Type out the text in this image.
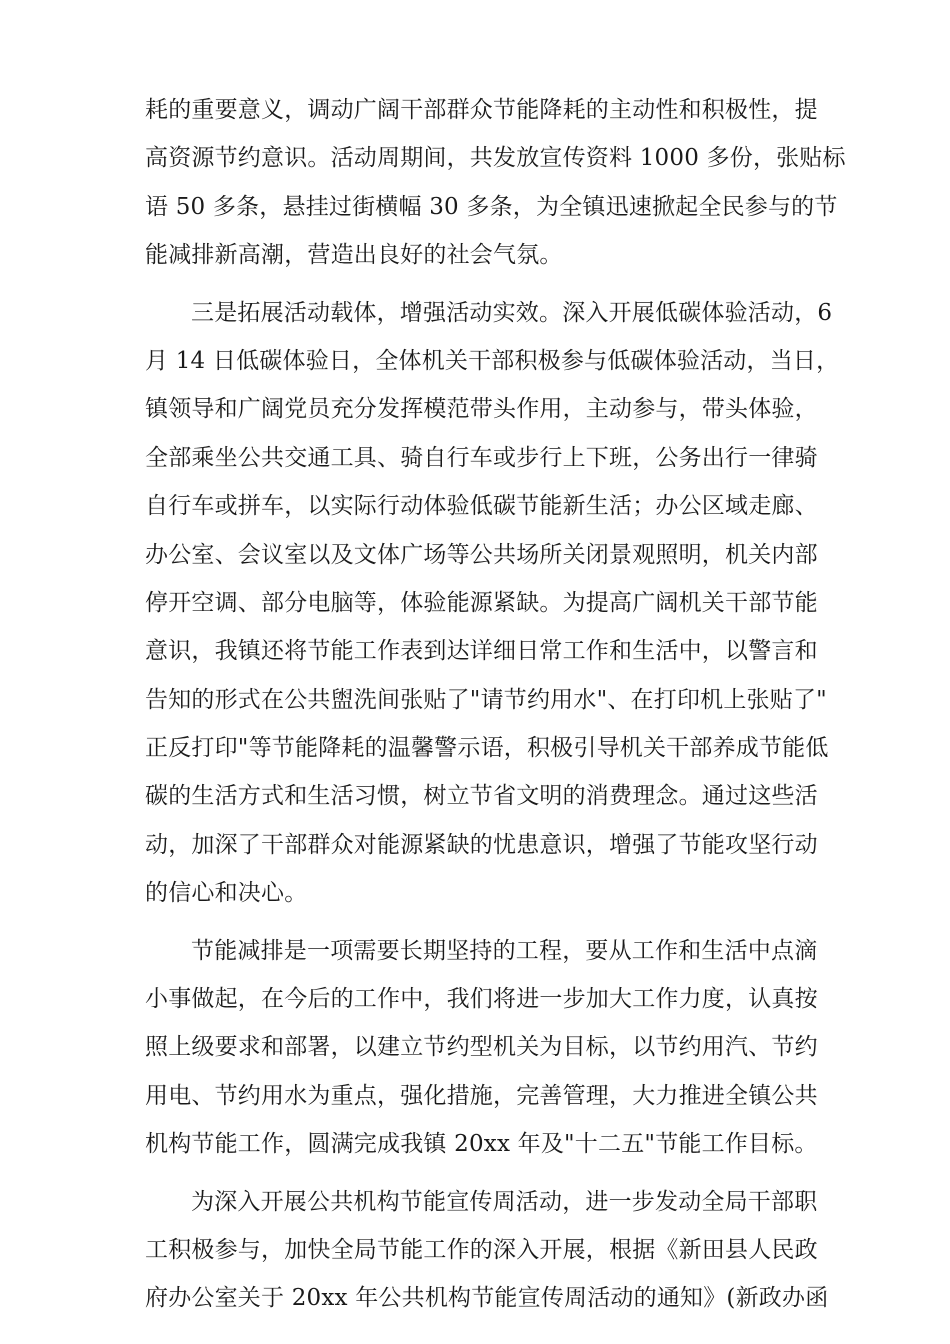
耗的重要意义，调动广阔干部群众节能降耗的主动性和积极性，提

高资源节约意识。活动周期间，共发放宣传资料 1000 多份，张贴标

语 50 多条，悬挂过街横幅 30 多条，为全镇迅速掀起全民参与的节

能减排新高潮，营造出良好的社会气氛。

三是拓展活动载体，增强活动实效。深入开展低碳体验活动，6

月 14 日低碳体验日，全体机关干部积极参与低碳体验活动，当日，

镇领导和广阔党员充分发挥模范带头作用，主动参与，带头体验，

全部乘坐公共交通工具、骑自行车或步行上下班，公务出行一律骑

自行车或拼车，以实际行动体验低碳节能新生活；办公区域走廊、

办公室、会议室以及文体广场等公共场所关闭景观照明，机关内部

停开空调、部分电脑等，体验能源紧缺。为提高广阔机关干部节能

意识，我镇还将节能工作表到达详细日常工作和生活中，以警言和

告知的形式在公共盥洗间张贴了"请节约用水"、在打印机上张贴了"

正反打印"等节能降耗的温馨警示语，积极引导机关干部养成节能低

碳的生活方式和生活习惯，树立节省文明的消费理念。通过这些活

动，加深了干部群众对能源紧缺的忧患意识，增强了节能攻坚行动

的信心和决心。

节能减排是一项需要长期坚持的工程，要从工作和生活中点滴

小事做起，在今后的工作中，我们将进一步加大工作力度，认真按

照上级要求和部署，以建立节约型机关为目标，以节约用汽、节约

用电、节约用水为重点，强化措施，完善管理，大力推进全镇公共

机构节能工作，圆满完成我镇 20xx 年及"十二五"节能工作目标。

为深入开展公共机构节能宣传周活动，进一步发动全局干部职

工积极参与，加快全局节能工作的深入开展，根据《新田县人民政

府办公室关于 20xx 年公共机构节能宣传周活动的通知》(新政办函
